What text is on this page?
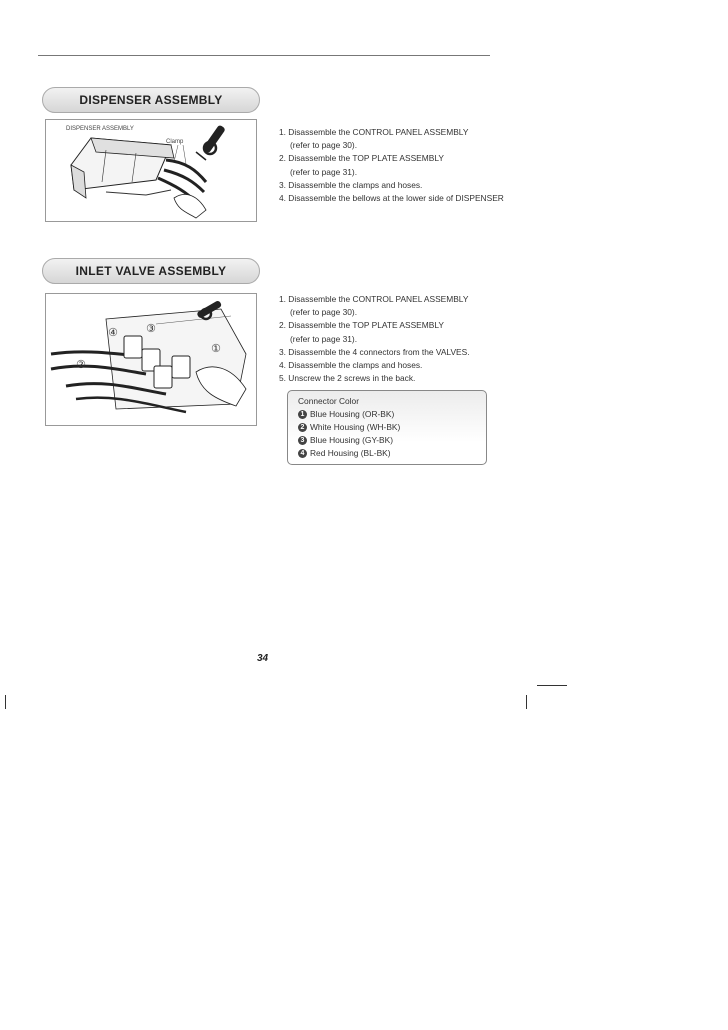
DISPENSER ASSEMBLY
DISPENSER ASSEMBLY
Clamp
1. Disassemble the CONTROL PANEL ASSEMBLY
(refer to page 30).
2. Disassemble the TOP PLATE ASSEMBLY
(refer to page 31).
3. Disassemble the clamps and hoses.
4. Disassemble the bellows at the lower side of DISPENSER
INLET VALVE ASSEMBLY
④	③
①
②
1. Disassemble the CONTROL PANEL ASSEMBLY
(refer to page 30).
2. Disassemble the TOP PLATE ASSEMBLY
(refer to page 31).
3. Disassemble the 4 connectors from the VALVES.
4. Disassemble the clamps and hoses.
5. Unscrew the 2 screws in the back.
Connector Color
1 Blue Housing (OR-BK)
2 White Housing (WH-BK)
3 Blue Housing (GY-BK)
4 Red Housing (BL-BK)
34
